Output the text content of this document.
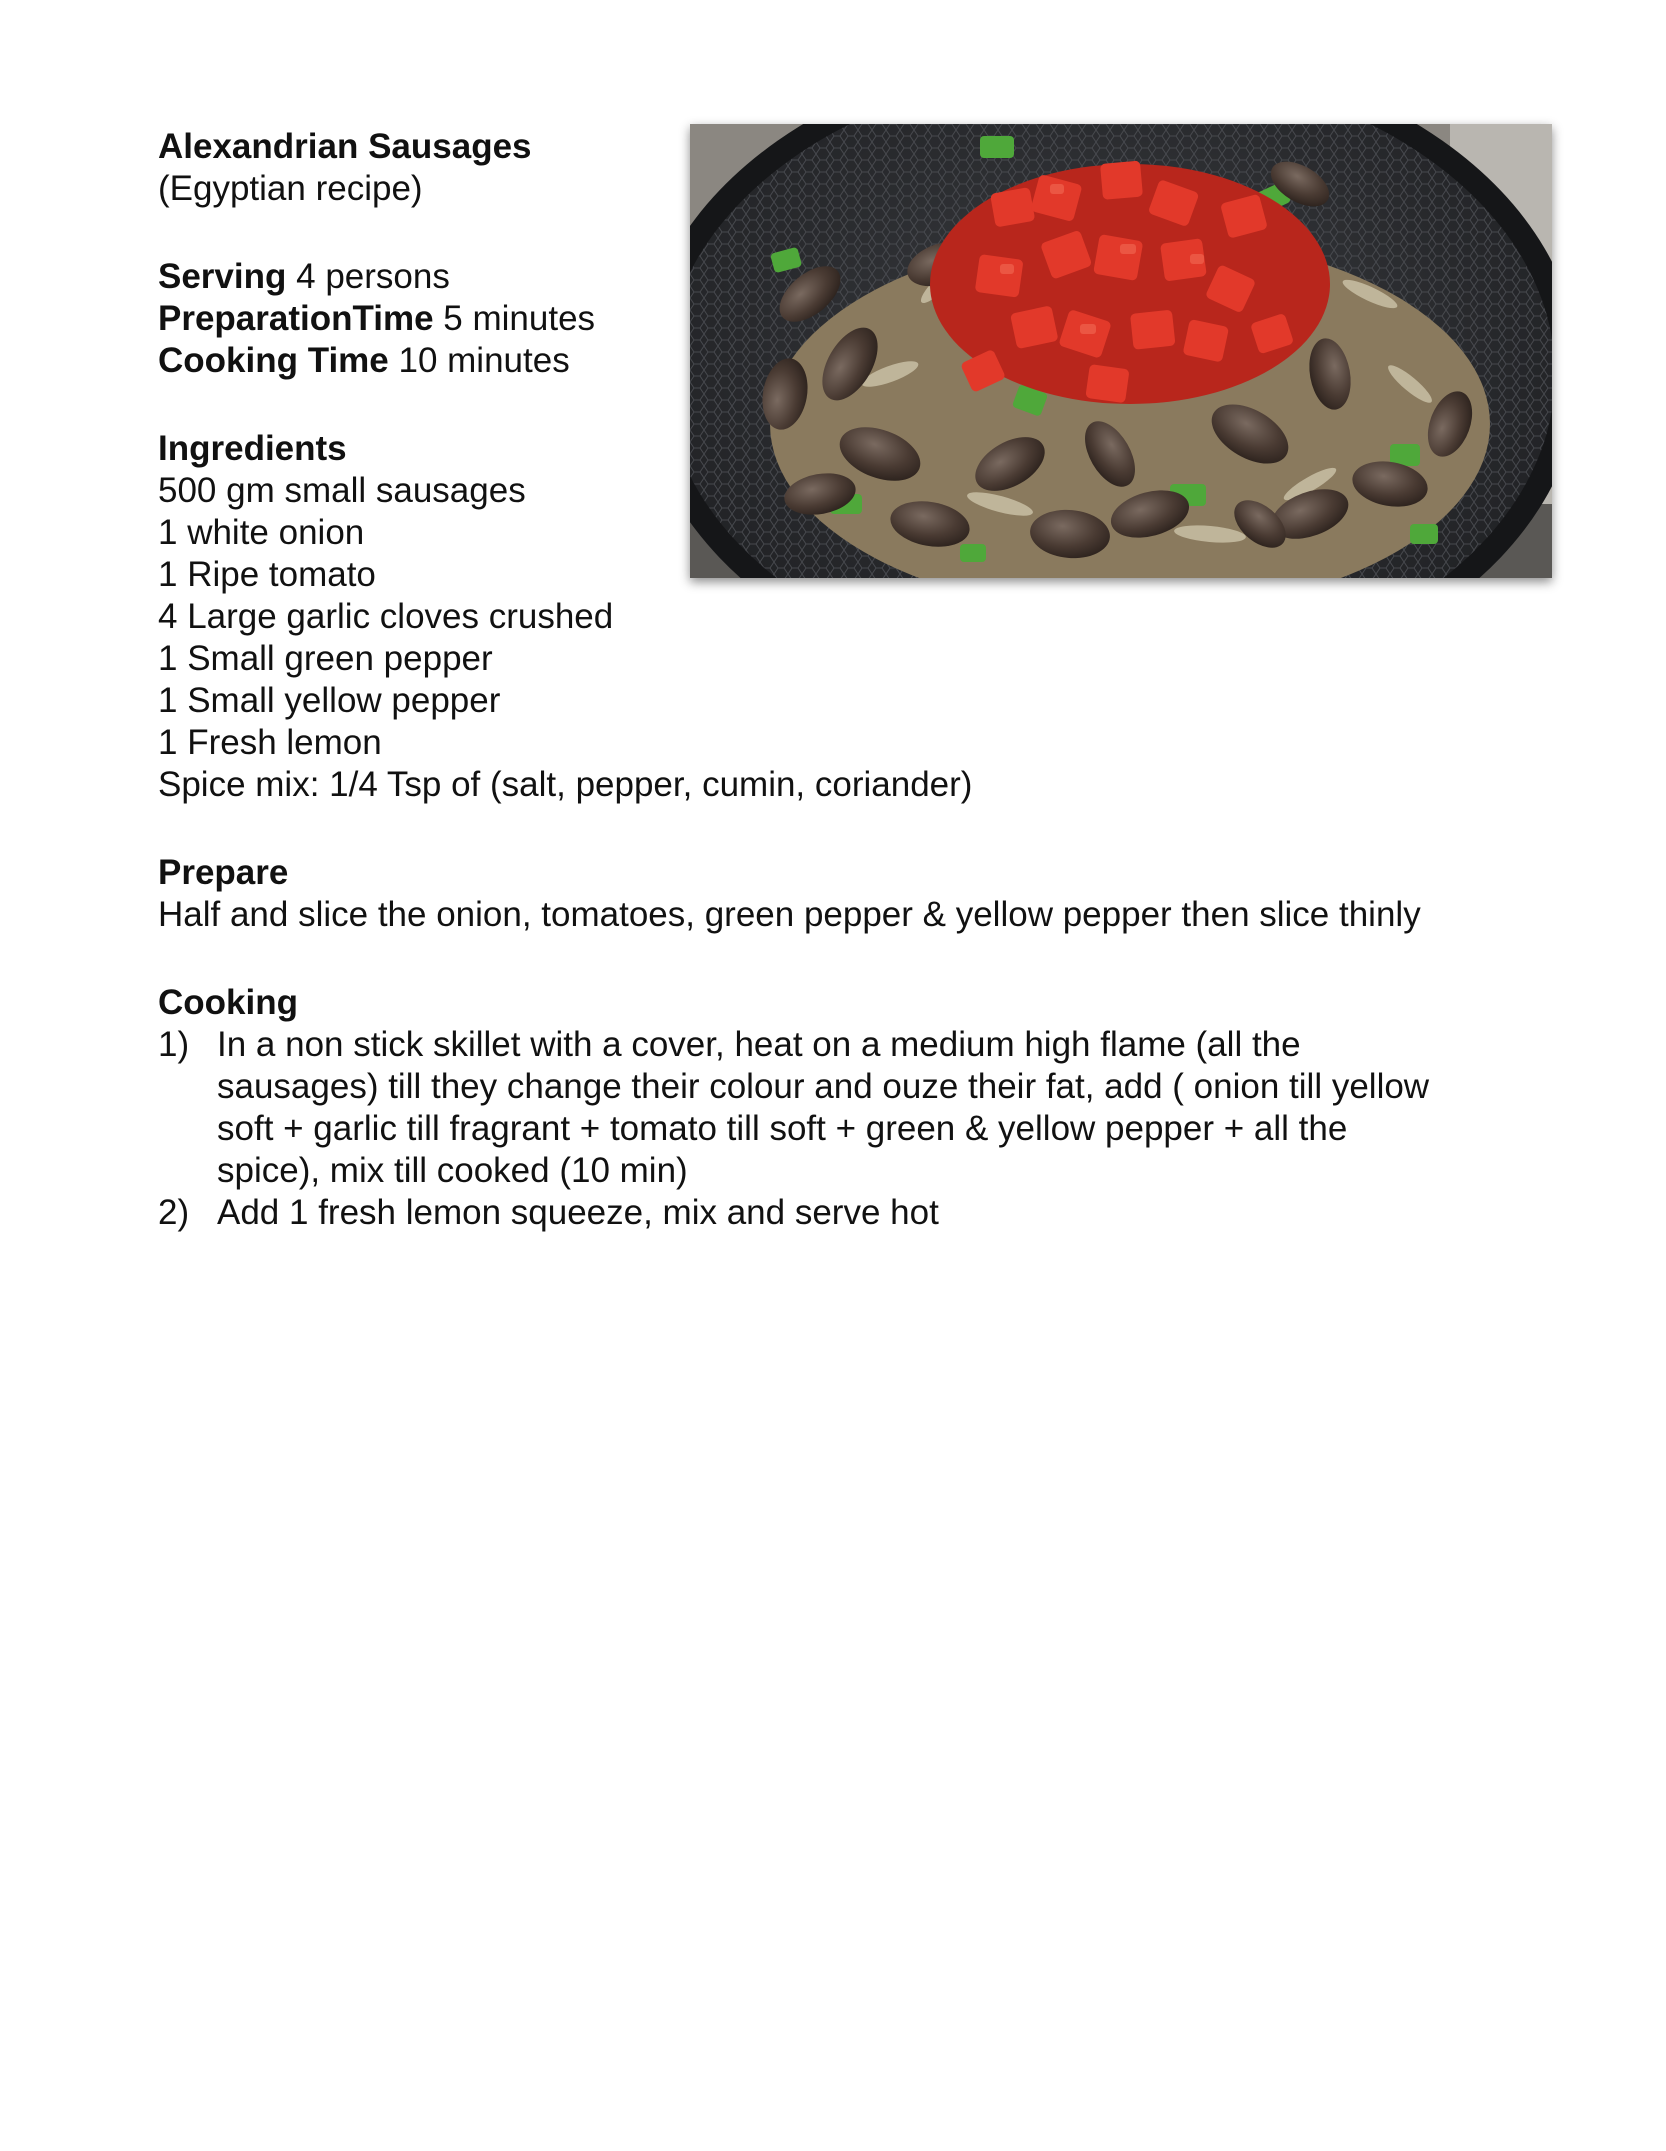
Alexandrian Sausages
(Egyptian recipe)
Serving 4 persons
PreparationTime 5 minutes
Cooking Time 10 minutes
Ingredients
500 gm small sausages
1 white onion
1 Ripe tomato
4 Large garlic cloves crushed
1 Small green pepper
1 Small yellow pepper
1 Fresh lemon
Spice mix: 1/4 Tsp of (salt, pepper, cumin, coriander)
Prepare
Half and slice the onion, tomatoes, green pepper & yellow pepper then slice thinly
Cooking
1) In a non stick skillet with a cover, heat on a medium high flame (all the
sausages) till they change their colour and ouze their fat, add ( onion till yellow
soft + garlic till fragrant + tomato till soft + green & yellow pepper + all the
spice), mix till cooked (10 min)
2) Add 1 fresh lemon squeeze, mix and serve hot
